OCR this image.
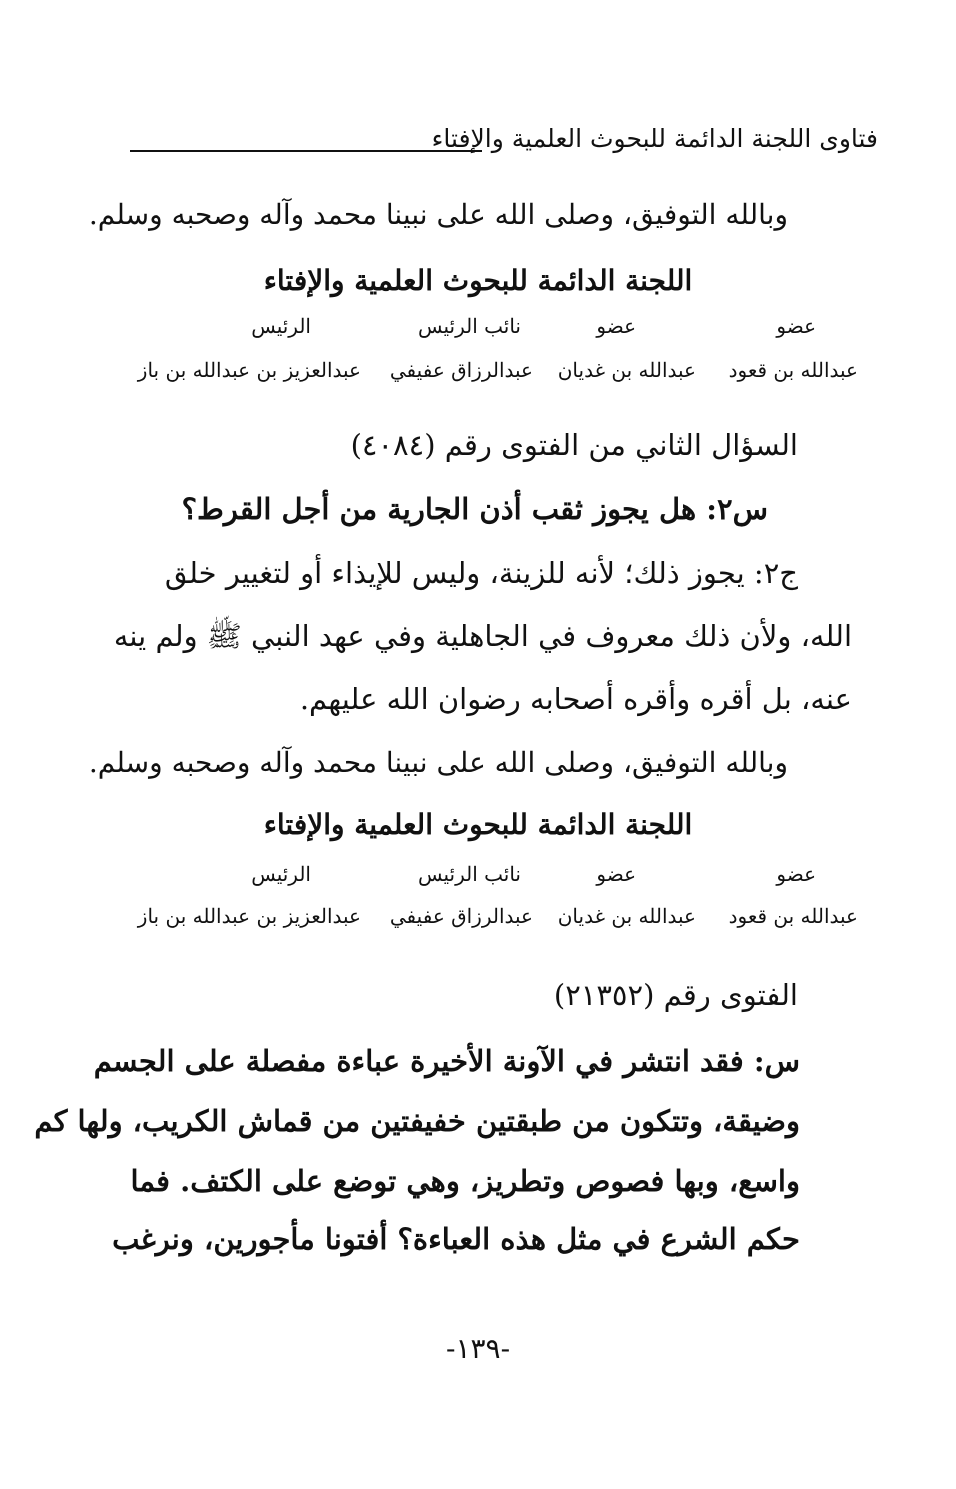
فتاوى اللجنة الدائمة للبحوث العلمية والإفتاء
وبالله التوفيق، وصلى الله على نبينا محمد وآله وصحبه وسلم.
اللجنة الدائمة للبحوث العلمية والإفتاء
عضو
عضو
نائب الرئيس
الرئيس
عبدالله بن قعود
عبدالله بن غديان
عبدالرزاق عفيفي
عبدالعزيز بن عبدالله بن باز
السؤال الثاني من الفتوى رقم (٤٠٨٤)
س٢: هل يجوز ثقب أذن الجارية من أجل القرط؟
ج٢: يجوز ذلك؛ لأنه للزينة، وليس للإيذاء أو لتغيير خلق
الله، ولأن ذلك معروف في الجاهلية وفي عهد النبي ﷺ ولم ينه
عنه، بل أقره وأقره أصحابه رضوان الله عليهم.
وبالله التوفيق، وصلى الله على نبينا محمد وآله وصحبه وسلم.
اللجنة الدائمة للبحوث العلمية والإفتاء
عضو
عضو
نائب الرئيس
الرئيس
عبدالله بن قعود
عبدالله بن غديان
عبدالرزاق عفيفي
عبدالعزيز بن عبدالله بن باز
الفتوى رقم (٢١٣٥٢)
س: فقد انتشر في الآونة الأخيرة عباءة مفصلة على الجسم
وضيقة، وتتكون من طبقتين خفيفتين من قماش الكريب، ولها كم
واسع، وبها فصوص وتطريز، وهي توضع على الكتف. فما
حكم الشرع في مثل هذه العباءة؟ أفتونا مأجورين، ونرغب
-١٣٩-
